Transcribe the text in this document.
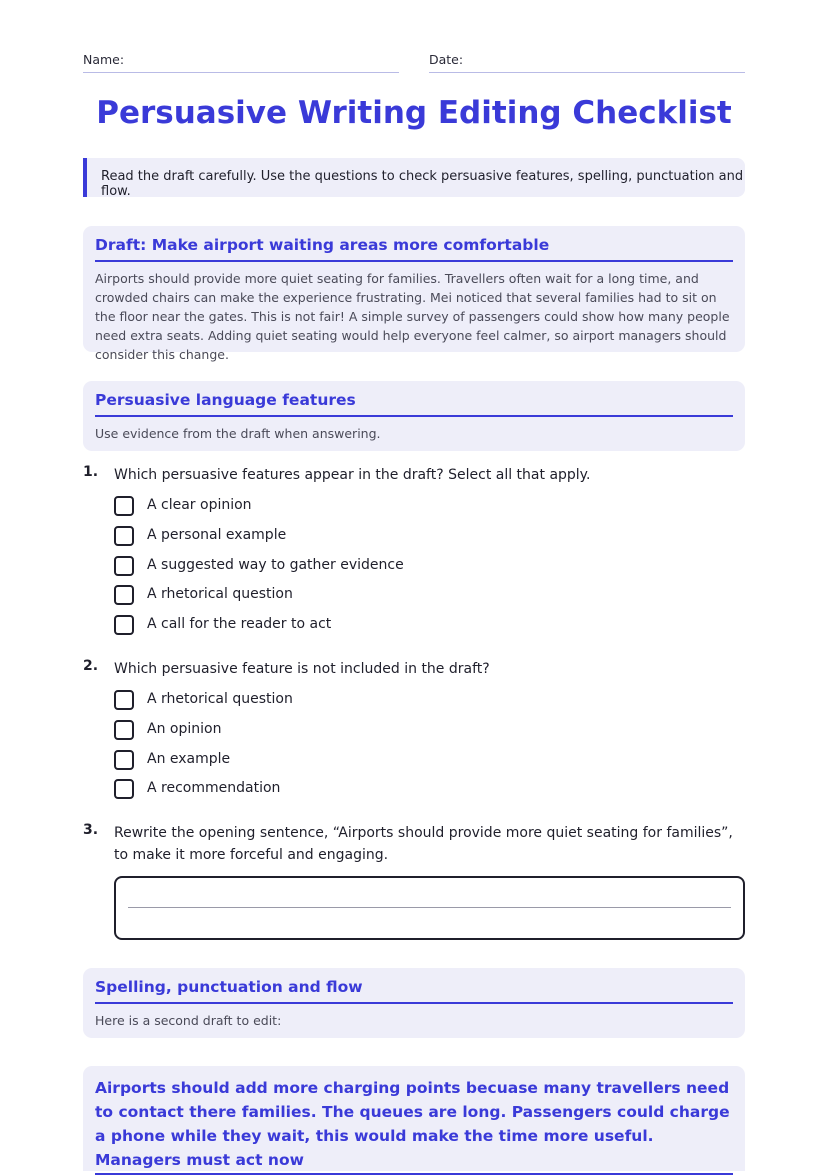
Name:	Date:
Persuasive Writing Editing Checklist
Read the draft carefully. Use the questions to check persuasive features, spelling, punctuation and flow.
Draft: Make airport waiting areas more comfortable
Airports should provide more quiet seating for families. Travellers often wait for a long time, and crowded chairs can make the experience frustrating. Mei noticed that several families had to sit on the floor near the gates. This is not fair! A simple survey of passengers could show how many people need extra seats. Adding quiet seating would help everyone feel calmer, so airport managers should consider this change.
Persuasive language features
Use evidence from the draft when answering.
1. Which persuasive features appear in the draft? Select all that apply.
A clear opinion
A personal example
A suggested way to gather evidence
A rhetorical question
A call for the reader to act
2. Which persuasive feature is not included in the draft?
A rhetorical question
An opinion
An example
A recommendation
3. Rewrite the opening sentence, “Airports should provide more quiet seating for families”, to make it more forceful and engaging.
Spelling, punctuation and flow
Here is a second draft to edit:
Airports should add more charging points becuase many travellers need to contact there families. The queues are long. Passengers could charge a phone while they wait, this would make the time more useful. Managers must act now
